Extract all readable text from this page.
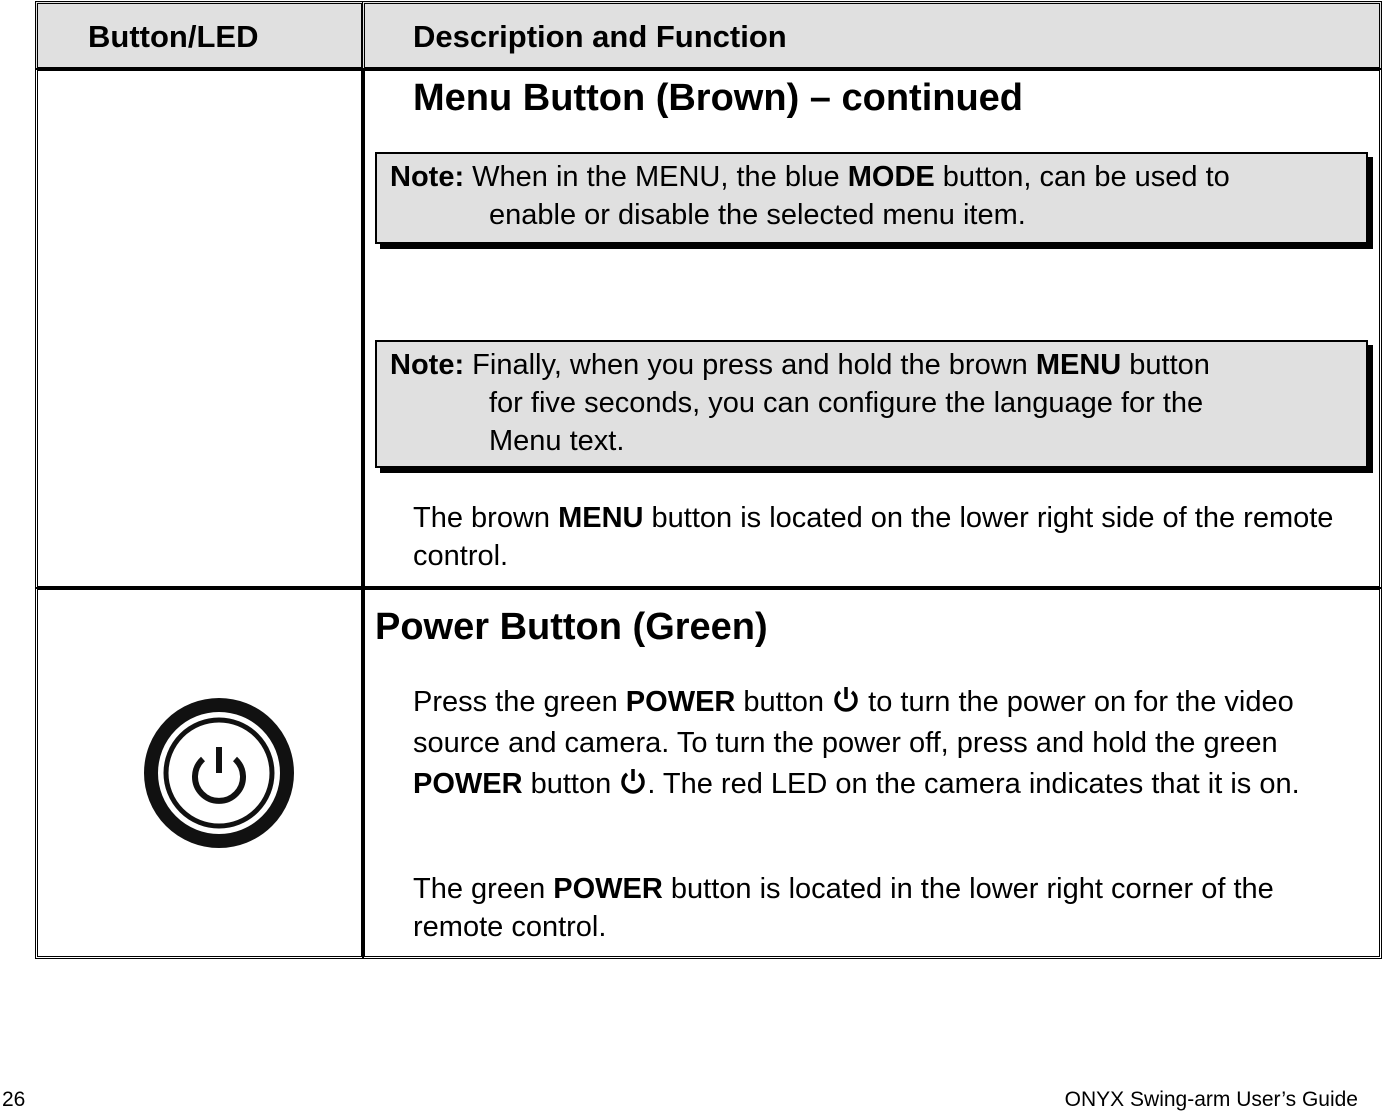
Button/LED	Description and Function
Menu Button (Brown) – continued
Note: When in the MENU, the blue MODE button, can be used to
enable or disable the selected menu item.
Note: Finally, when you press and hold the brown MENU button
for five seconds, you can configure the language for the
Menu text.
The brown MENU button is located on the lower right side of the remote control.
Power Button (Green)
Press the green POWER button  to turn the power on for the video source and camera. To turn the power off, press and hold the green POWER button . The red LED on the camera indicates that it is on.
The green POWER button is located in the lower right corner of the remote control.
26	ONYX Swing-arm User’s Guide
